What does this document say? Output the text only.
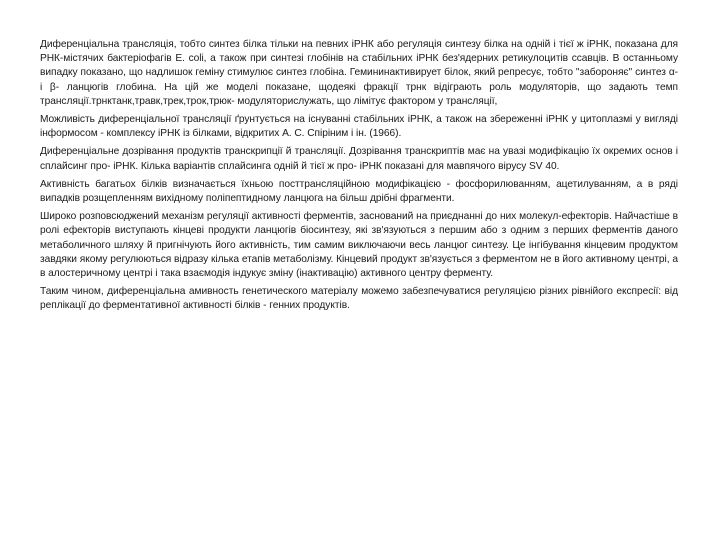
Диференціальна трансляція, тобто синтез білка тільки на певних іРНК або регуляція синтезу білка на одній і тієї ж іРНК, показана для РНК-містячих бактеріофагів E. coli, а також при синтезі глобінів на стабільних іРНК без'ядерних ретикулоцитів ссавців. В останньому випадку показано, що надлишок геміну стимулює синтез глобіна. Гемининактивирует білок, який репресує, тобто "забороняє" синтез α- і β- ланцюгів глобина. На цій же моделі показане, щодеякі фракції трнк відіграють роль модуляторів, що задають темп трансляції.трнктанк,травк,трек,трок,трюк- модуляторислужать, що лімітує фактором у трансляції,

Можливість диференціальної трансляції ґрунтується на існуванні стабільних іРНК, а також на збереженні іРНК у цитоплазмі у вигляді інформосом - комплексу іРНК із білками, відкритих А. С. Спіріним і ін. (1966).

Диференціальне дозрівання продуктів транскрипції й трансляції. Дозрівання транскриптів має на увазі модифікацію їх окремих основ і сплайсинг про- іРНК. Кілька варіантів сплайсинга одній й тієї ж про- іРНК показані для мавпячого вірусу SV 40.

Активність багатьох білків визначається їхньою посттрансляційною модифікацією - фосфорилюванням, ацетилуванням, а в ряді випадків розщепленням вихідному поліпептидному ланцюга на більш дрібні фрагменти.

Широко розповсюджений механізм регуляції активності ферментів, заснований на приєднанні до них молекул-ефекторів. Найчастіше в ролі ефекторів виступають кінцеві продукти ланцюгів біосинтезу, які зв'язуються з першим або з одним з перших ферментів даного метаболичного шляху й пригнічують його активність, тим самим виключаючи весь ланцюг синтезу. Це інгібування кінцевим продуктом завдяки якому регулюються відразу кілька етапів метаболізму. Кінцевий продукт зв'язується з ферментом не в його активному центрі, а в алостеричному центрі і така взаємодія індукує зміну (інактивацію) активного центру ферменту.

Таким чином, диференціальна амивность генетического матеріалу можемо забезпечуватися регуляцією різних рівнійого експресії: від реплікації до ферментативної активності білків - генних продуктів.
